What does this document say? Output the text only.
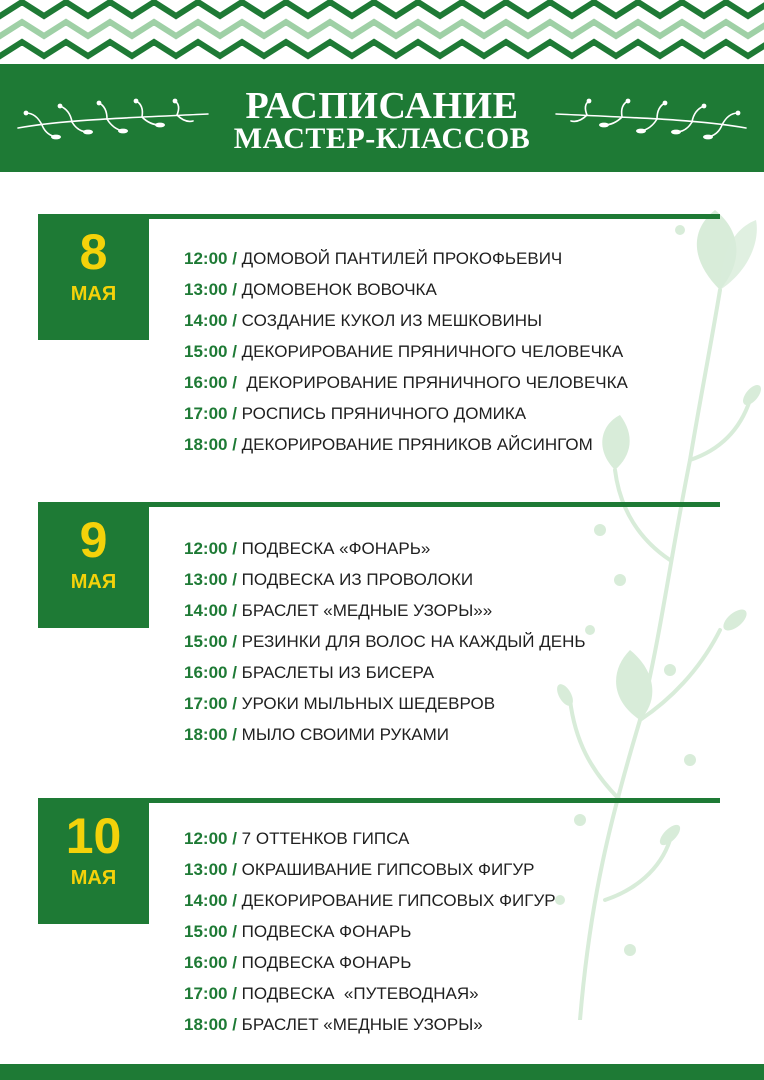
РАСПИСАНИЕ
МАСТЕР-КЛАССОВ
8
МАЯ
12:00 / ДОМОВОЙ ПАНТИЛЕЙ ПРОКОФЬЕВИЧ
13:00 / ДОМОВЕНОК ВОВОЧКА
14:00 / СОЗДАНИЕ КУКОЛ ИЗ МЕШКОВИНЫ
15:00 / ДЕКОРИРОВАНИЕ ПРЯНИЧНОГО ЧЕЛОВЕЧКА
16:00 /  ДЕКОРИРОВАНИЕ ПРЯНИЧНОГО ЧЕЛОВЕЧКА
17:00 / РОСПИСЬ ПРЯНИЧНОГО ДОМИКА
18:00 / ДЕКОРИРОВАНИЕ ПРЯНИКОВ АЙСИНГОМ
9
МАЯ
12:00 / ПОДВЕСКА «ФОНАРЬ»
13:00 / ПОДВЕСКА ИЗ ПРОВОЛОКИ
14:00 / БРАСЛЕТ «МЕДНЫЕ УЗОРЫ»»
15:00 / РЕЗИНКИ ДЛЯ ВОЛОС НА КАЖДЫЙ ДЕНЬ
16:00 / БРАСЛЕТЫ ИЗ БИСЕРА
17:00 / УРОКИ МЫЛЬНЫХ ШЕДЕВРОВ
18:00 / МЫЛО СВОИМИ РУКАМИ
10
МАЯ
12:00 / 7 ОТТЕНКОВ ГИПСА
13:00 / ОКРАШИВАНИЕ ГИПСОВЫХ ФИГУР
14:00 / ДЕКОРИРОВАНИЕ ГИПСОВЫХ ФИГУР
15:00 / ПОДВЕСКА ФОНАРЬ
16:00 / ПОДВЕСКА ФОНАРЬ
17:00 / ПОДВЕСКА  «ПУТЕВОДНАЯ»
18:00 / БРАСЛЕТ «МЕДНЫЕ УЗОРЫ»
